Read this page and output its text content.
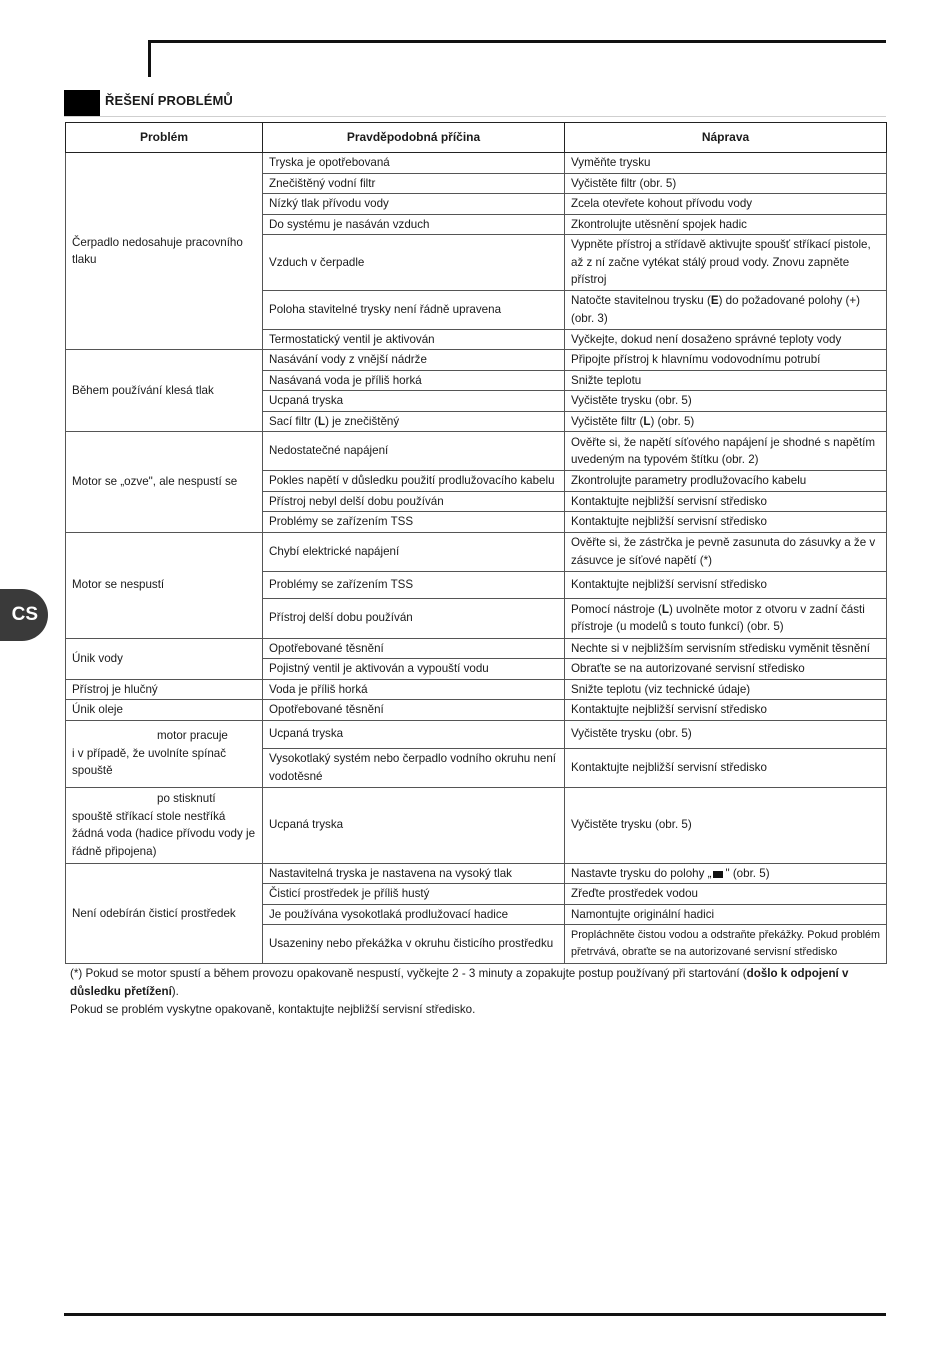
ŘEŠENÍ PROBLÉMŮ
Problém	Pravděpodobná příčina	Náprava
Čerpadlo nedosahuje pracovního tlaku	Tryska je opotřebovaná	Vyměňte trysku
	Znečištěný vodní filtr	Vyčistěte filtr (obr. 5)
	Nízký tlak přívodu vody	Zcela otevřete kohout přívodu vody
	Do systému je nasáván vzduch	Zkontrolujte utěsnění spojek hadic
	Vzduch v čerpadle	Vypněte přístroj a střídavě aktivujte spoušť stříkací pistole, až z ní začne vytékat stálý proud vody. Znovu zapněte přístroj
	Poloha stavitelné trysky není řádně upravena	Natočte stavitelnou trysku (E) do požadované polohy (+) (obr. 3)
	Termostatický ventil je aktivován	Vyčkejte, dokud není dosaženo správné teploty vody
Během používání klesá tlak	Nasávání vody z vnější nádrže	Připojte přístroj k hlavnímu vodovodnímu potrubí
	Nasávaná voda je příliš horká	Snižte teplotu
	Ucpaná tryska	Vyčistěte trysku (obr. 5)
	Sací filtr (L) je znečištěný	Vyčistěte filtr (L) (obr. 5)
Motor se „ozve", ale nespustí se	Nedostatečné napájení	Ověřte si, že napětí síťového napájení je shodné s napětím uvedeným na typovém štítku (obr. 2)
	Pokles napětí v důsledku použití prodlužovacího kabelu	Zkontrolujte parametry prodlužovacího kabelu
	Přístroj nebyl delší dobu používán	Kontaktujte nejbližší servisní středisko
	Problémy se zařízením TSS	Kontaktujte nejbližší servisní středisko
Motor se nespustí	Chybí elektrické napájení	Ověřte si, že zástrčka je pevně zasunuta do zásuvky a že v zásuvce je síťové napětí (*)
	Problémy se zařízením TSS	Kontaktujte nejbližší servisní středisko
	Přístroj delší dobu používán	Pomocí nástroje (L) uvolněte motor z otvoru v zadní části přístroje (u modelů s touto funkcí) (obr. 5)
Únik vody	Opotřebované těsnění	Nechte si v nejbližším servisním středisku vyměnit těsnění
	Pojistný ventil je aktivován a vypouští vodu	Obraťte se na autorizované servisní středisko
Přístroj je hlučný	Voda je příliš horká	Snižte teplotu (viz technické údaje)
Únik oleje	Opotřebované těsnění	Kontaktujte nejbližší servisní středisko
motor pracuje
i v případě, že uvolníte spínač spouště	Ucpaná tryska	Vyčistěte trysku (obr. 5)
	Vysokotlaký systém nebo čerpadlo vodního okruhu není vodotěsné	Kontaktujte nejbližší servisní středisko
po stisknutí
spouště stříkací stole nestříká žádná voda (hadice přívodu vody je řádně připojena)	Ucpaná tryska	Vyčistěte trysku (obr. 5)
Není odebírán čisticí prostředek	Nastavitelná tryska je nastavena na vysoký tlak	Nastavte trysku do polohy „ " (obr. 5)
	Čisticí prostředek je příliš hustý	Zřeďte prostředek vodou
	Je používána vysokotlaká prodlužovací hadice	Namontujte originální hadici
	Usazeniny nebo překážka v okruhu čisticího prostředku	Propláchněte čistou vodou a odstraňte překážky. Pokud problém přetrvává, obraťte se na autorizované servisní středisko

(*) Pokud se motor spustí a během provozu opakovaně nespustí, vyčkejte 2 - 3 minuty a zopakujte postup používaný při startování (došlo k odpojení v důsledku přetížení).

Pokud se problém vyskytne opakovaně, kontaktujte nejbližší servisní středisko.

CS
